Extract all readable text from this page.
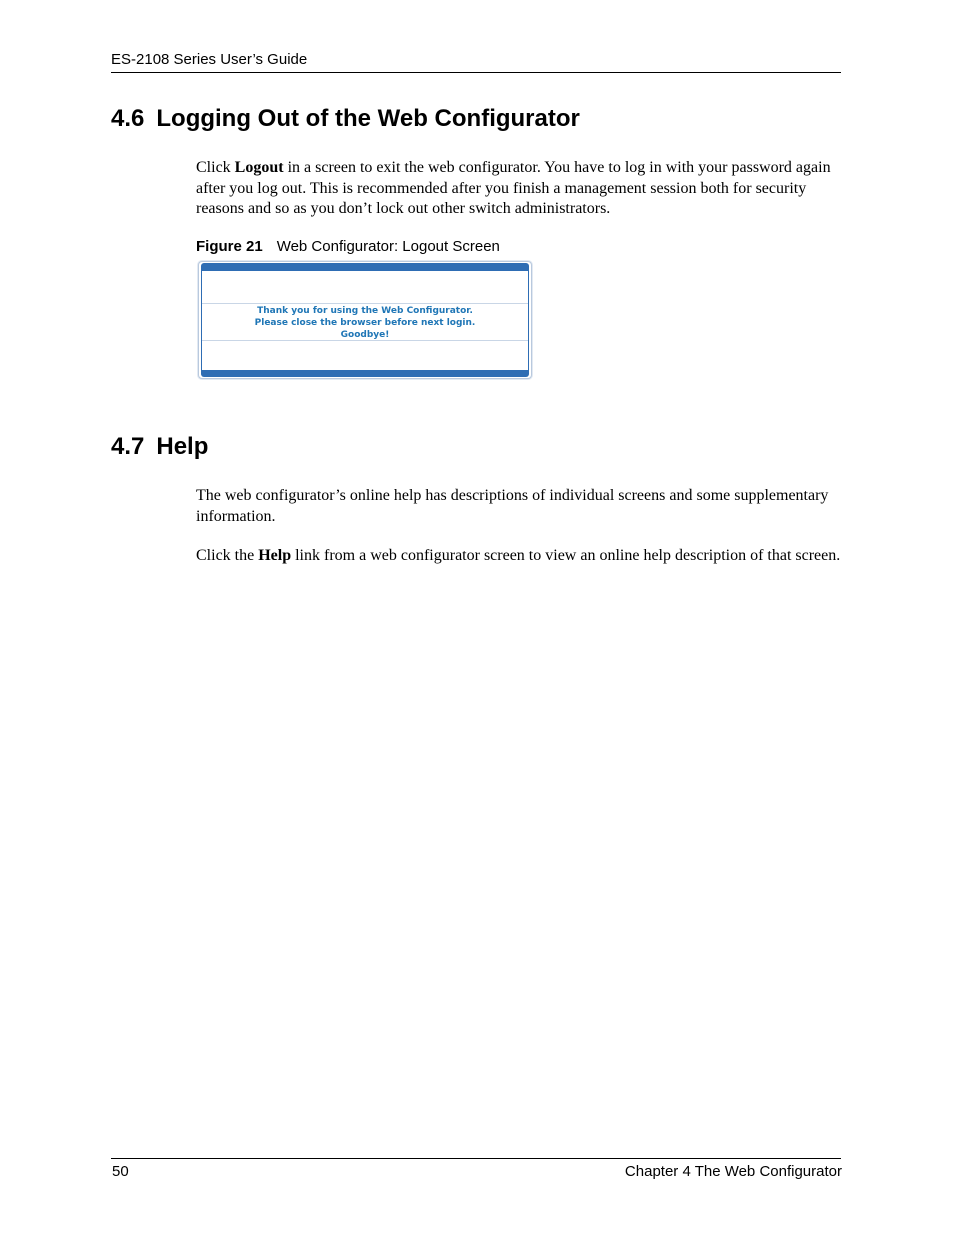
ES-2108 Series User’s Guide
4.6 Logging Out of the Web Configurator

Click Logout in a screen to exit the web configurator. You have to log in with your password again after you log out. This is recommended after you finish a management session both for security reasons and so as you don’t lock out other switch administrators.

Figure 21 Web Configurator: Logout Screen
Thank you for using the Web Configurator.
Please close the browser before next login.
Goodbye!
4.7 Help

The web configurator’s online help has descriptions of individual screens and some supplementary information.

Click the Help link from a web configurator screen to view an online help description of that screen.

50	Chapter 4 The Web Configurator
